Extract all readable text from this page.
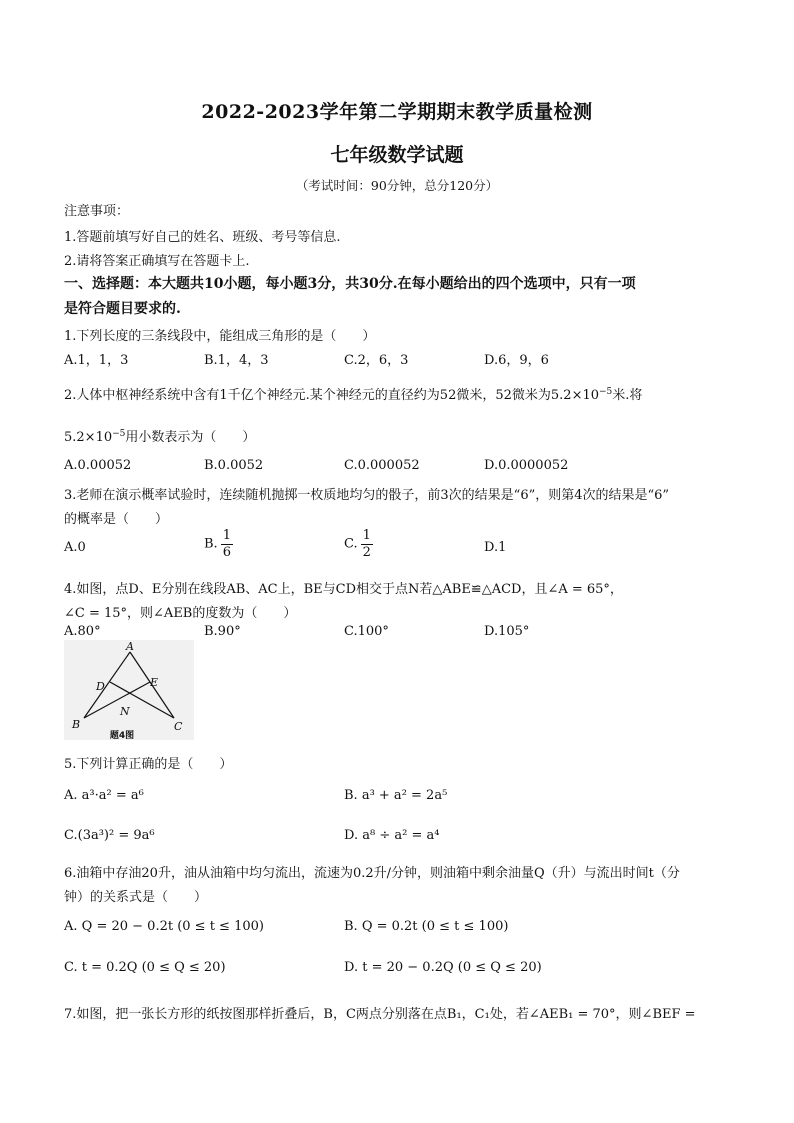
2022-2023学年第二学期期末教学质量检测
七年级数学试题
（考试时间：90分钟，总分120分）
注意事项：
1.答题前填写好自己的姓名、班级、考号等信息.
2.请将答案正确填写在答题卡上.
一、选择题：本大题共10小题，每小题3分，共30分.在每小题给出的四个选项中，只有一项
是符合题目要求的.
1.下列长度的三条线段中，能组成三角形的是（　　）
A.1，1，3	B.1，4，3	C.2，6，3	D.6，9，6
2.人体中枢神经系统中含有1千亿个神经元.某个神经元的直径约为52微米，52微米为$5.2\times 10^{-5}$米.将
$5.2\times 10^{-5}$用小数表示为（　　）
A.0.00052	B.0.0052	C.0.000052	D.0.0000052
3.老师在演示概率试验时，连续随机抛掷一枚质地均匀的骰子，前3次的结果是“6”，则第4次的结果是“6”
的概率是（　　）
A.0	B. $\frac{1}{6}$	C. $\frac{1}{2}$	D.1
4.如图，点D、E分别在线段AB、AC上，BE与CD相交于点N若△ABE≌△ACD，且∠A = 65°，
∠C = 15°，则∠AEB的度数为（　　）
A.80°	B.90°	C.100°	D.105°
A
B	C
D	E
N
题4图
5.下列计算正确的是（　　）
A. a³·a² = a⁶	B. a³ + a² = 2a⁵
C.(3a³)² = 9a⁶	D. a⁸ ÷ a² = a⁴
6.油箱中存油20升，油从油箱中均匀流出，流速为0.2升/分钟，则油箱中剩余油量Q（升）与流出时间t（分
钟）的关系式是（　　）
A. Q = 20 − 0.2t (0 ≤ t ≤ 100)	B. Q = 0.2t (0 ≤ t ≤ 100)
C. t = 0.2Q (0 ≤ Q ≤ 20)	D. t = 20 − 0.2Q (0 ≤ Q ≤ 20)
7.如图，把一张长方形的纸按图那样折叠后，B，C两点分别落在点B₁，C₁处，若∠AEB₁ = 70°，则∠BEF =
